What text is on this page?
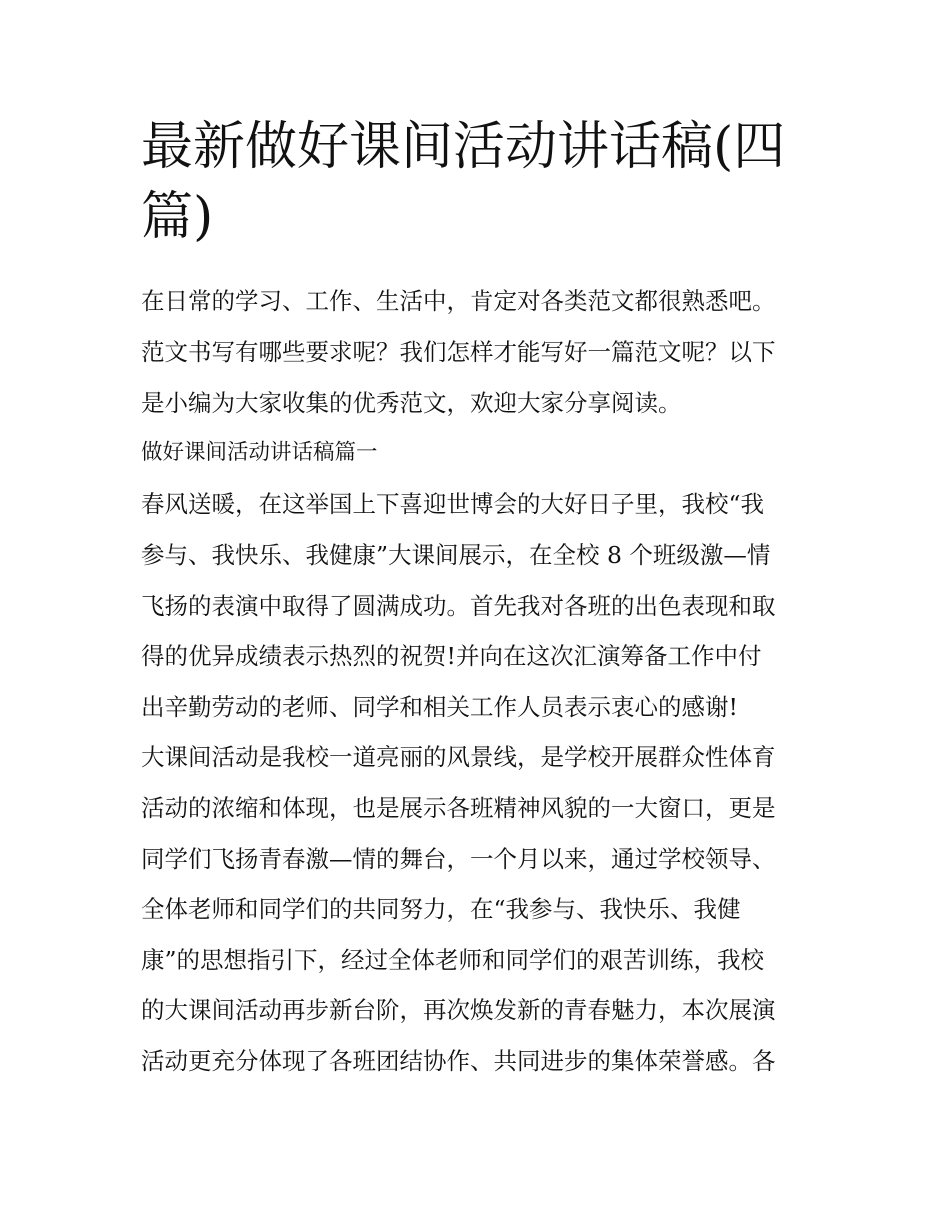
最新做好课间活动讲话稿(四篇)

在日常的学习、工作、生活中，肯定对各类范文都很熟悉吧。

范文书写有哪些要求呢？我们怎样才能写好一篇范文呢？以下

是小编为大家收集的优秀范文，欢迎大家分享阅读。

做好课间活动讲话稿篇一

春风送暖，在这举国上下喜迎世博会的大好日子里，我校“我

参与、我快乐、我健康”大课间展示，在全校 8 个班级激—情

飞扬的表演中取得了圆满成功。首先我对各班的出色表现和取

得的优异成绩表示热烈的祝贺!并向在这次汇演筹备工作中付

出辛勤劳动的老师、同学和相关工作人员表示衷心的感谢!

大课间活动是我校一道亮丽的风景线，是学校开展群众性体育

活动的浓缩和体现，也是展示各班精神风貌的一大窗口，更是

同学们飞扬青春激—情的舞台，一个月以来，通过学校领导、

全体老师和同学们的共同努力，在“我参与、我快乐、我健

康”的思想指引下，经过全体老师和同学们的艰苦训练，我校

的大课间活动再步新台阶，再次焕发新的青春魅力，本次展演

活动更充分体现了各班团结协作、共同进步的集体荣誉感。各
